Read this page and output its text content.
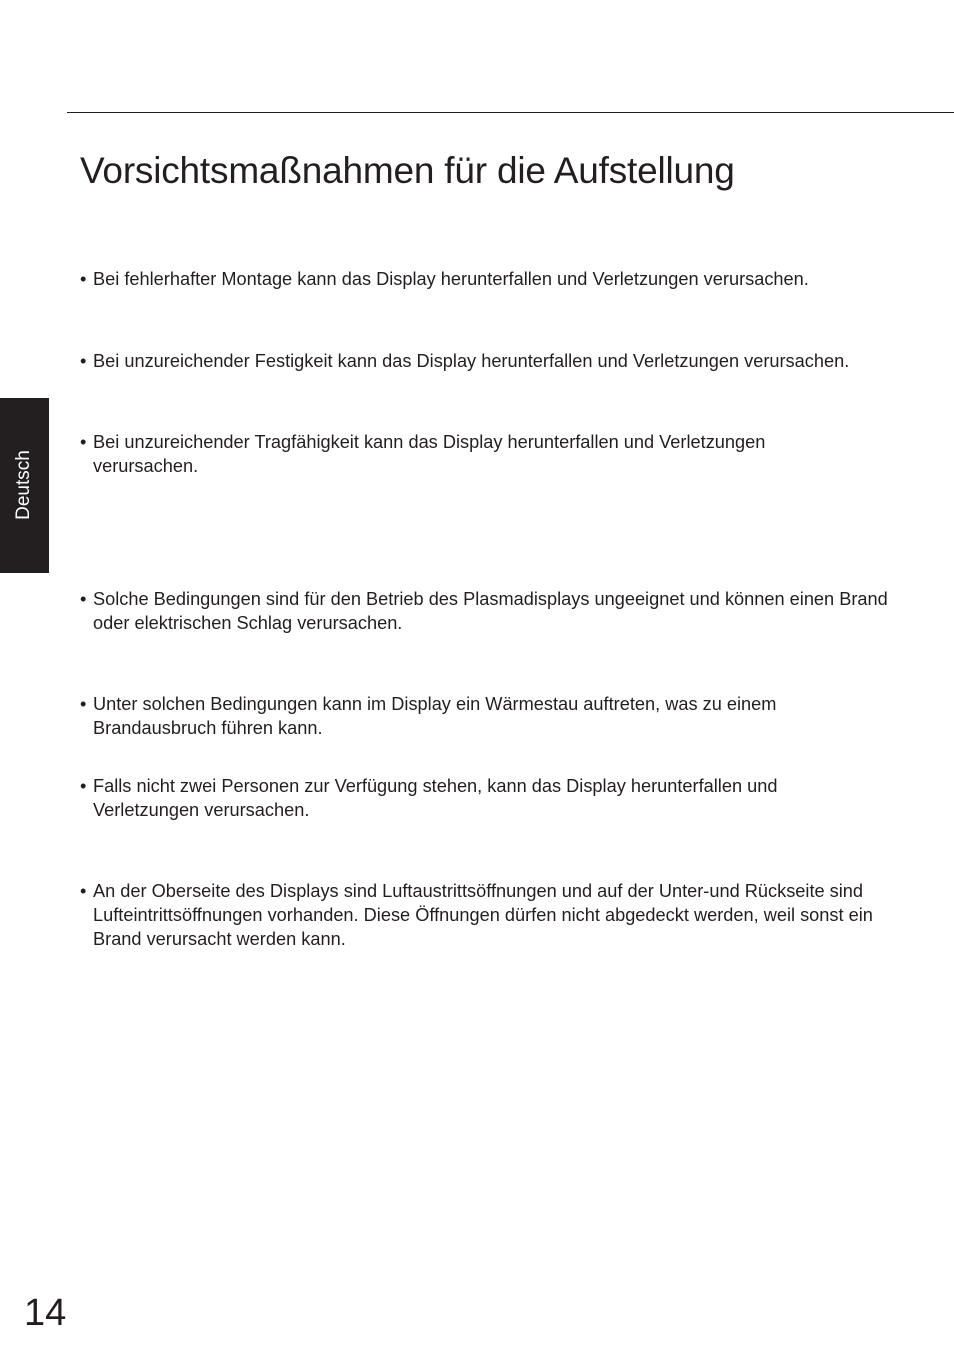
Vorsichtsmaßnahmen für die Aufstellung
Deutsch

• Bei fehlerhafter Montage kann das Display herunterfallen und Verletzungen verursachen.

• Bei unzureichender Festigkeit kann das Display herunterfallen und Verletzungen verursachen.

• Bei unzureichender Tragfähigkeit kann das Display herunterfallen und Verletzungen verursachen.

• Solche Bedingungen sind für den Betrieb des Plasmadisplays ungeeignet und können einen Brand oder elektrischen Schlag verursachen.

• Unter solchen Bedingungen kann im Display ein Wärmestau auftreten, was zu einem Brandausbruch führen kann.

• Falls nicht zwei Personen zur Verfügung stehen, kann das Display herunterfallen und Verletzungen verursachen.

• An der Oberseite des Displays sind Luftaustrittsöffnungen und auf der Unter-und Rückseite sind Lufteintrittsöffnungen vorhanden. Diese Öffnungen dürfen nicht abgedeckt werden, weil sonst ein Brand verursacht werden kann.

14
